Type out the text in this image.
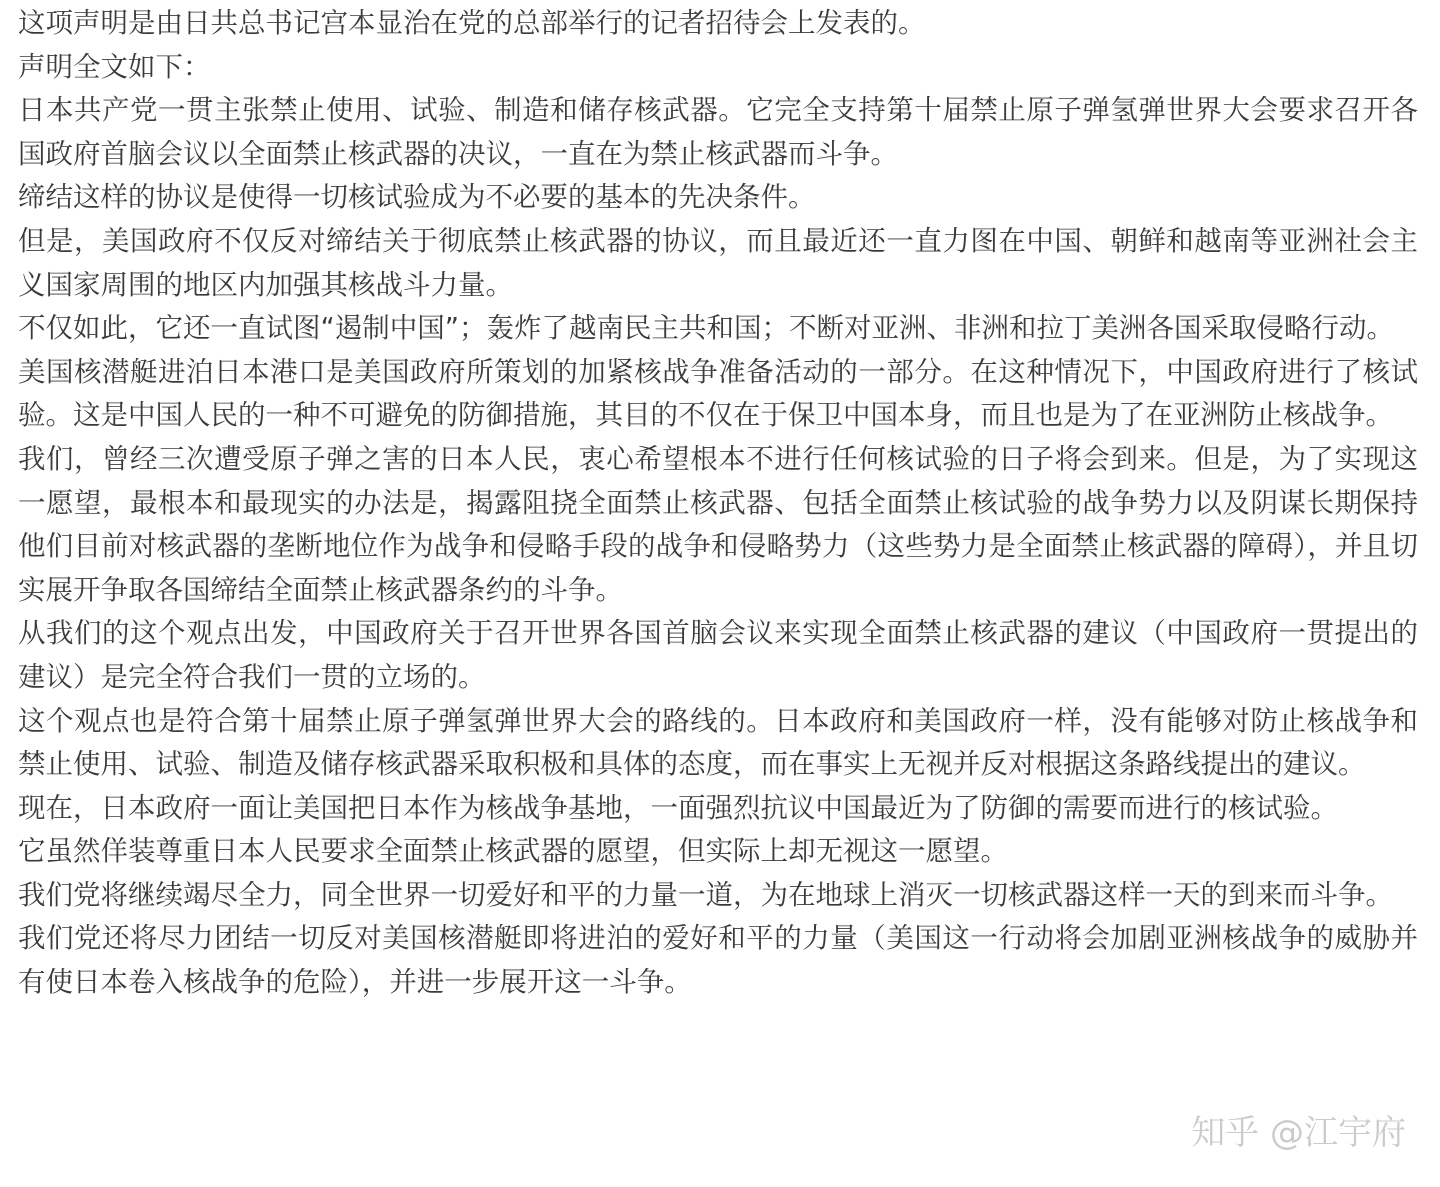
这项声明是由日共总书记宫本显治在党的总部举行的记者招待会上发表的。

声明全文如下：

日本共产党一贯主张禁止使用、试验、制造和储存核武器。它完全支持第十届禁止原子弹氢弹世界大会要求召开各国政府首脑会议以全面禁止核武器的决议，一直在为禁止核武器而斗争。

缔结这样的协议是使得一切核试验成为不必要的基本的先决条件。

但是，美国政府不仅反对缔结关于彻底禁止核武器的协议，而且最近还一直力图在中国、朝鲜和越南等亚洲社会主义国家周围的地区内加强其核战斗力量。

不仅如此，它还一直试图“遏制中国”；轰炸了越南民主共和国；不断对亚洲、非洲和拉丁美洲各国采取侵略行动。

美国核潜艇进泊日本港口是美国政府所策划的加紧核战争准备活动的一部分。在这种情况下，中国政府进行了核试验。这是中国人民的一种不可避免的防御措施，其目的不仅在于保卫中国本身，而且也是为了在亚洲防止核战争。

我们，曾经三次遭受原子弹之害的日本人民，衷心希望根本不进行任何核试验的日子将会到来。但是，为了实现这一愿望，最根本和最现实的办法是，揭露阻挠全面禁止核武器、包括全面禁止核试验的战争势力以及阴谋长期保持他们目前对核武器的垄断地位作为战争和侵略手段的战争和侵略势力（这些势力是全面禁止核武器的障碍），并且切实展开争取各国缔结全面禁止核武器条约的斗争。

从我们的这个观点出发，中国政府关于召开世界各国首脑会议来实现全面禁止核武器的建议（中国政府一贯提出的建议）是完全符合我们一贯的立场的。

这个观点也是符合第十届禁止原子弹氢弹世界大会的路线的。日本政府和美国政府一样，没有能够对防止核战争和禁止使用、试验、制造及储存核武器采取积极和具体的态度，而在事实上无视并反对根据这条路线提出的建议。

现在，日本政府一面让美国把日本作为核战争基地，一面强烈抗议中国最近为了防御的需要而进行的核试验。

它虽然佯装尊重日本人民要求全面禁止核武器的愿望，但实际上却无视这一愿望。

我们党将继续竭尽全力，同全世界一切爱好和平的力量一道，为在地球上消灭一切核武器这样一天的到来而斗争。

我们党还将尽力团结一切反对美国核潜艇即将进泊的爱好和平的力量（美国这一行动将会加剧亚洲核战争的威胁并有使日本卷入核战争的危险），并进一步展开这一斗争。

知乎 @江宇府
